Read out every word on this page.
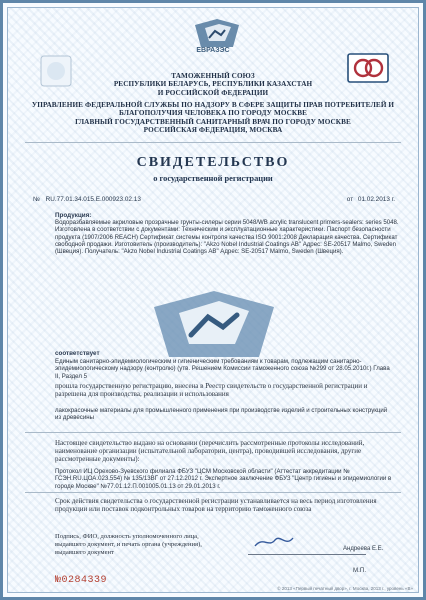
ЕВРАЗЭС
ТАМОЖЕННЫЙ СОЮЗ
РЕСПУБЛИКИ БЕЛАРУСЬ, РЕСПУБЛИКИ КАЗАХСТАН
И РОССИЙСКОЙ ФЕДЕРАЦИИ
УПРАВЛЕНИЕ ФЕДЕРАЛЬНОЙ СЛУЖБЫ ПО НАДЗОРУ В СФЕРЕ ЗАЩИТЫ ПРАВ ПОТРЕБИТЕЛЕЙ И
БЛАГОПОЛУЧИЯ ЧЕЛОВЕКА ПО ГОРОДУ МОСКВЕ
ГЛАВНЫЙ ГОСУДАРСТВЕННЫЙ САНИТАРНЫЙ ВРАЧ ПО ГОРОДУ МОСКВЕ
РОССИЙСКАЯ ФЕДЕРАЦИЯ, МОСКВА
СВИДЕТЕЛЬСТВО
о государственной регистрации
№ RU.77.01.34.015.Е.000923.02.13	от 01.02.2013 г.
Продукция:
Водоразбавляемые акриловые прозрачные грунты-силеры серии 5048/WB acrylic translucent primers-sealers: series 5048. Изготовлена в соответствии с документами: Техническим и эксплуатационные характеристики. Паспорт безопасности продукта (1907/2006 REACH) Сертификат системы контроля качества ISO 9001:2008 Декларация качества. Сертификат свободной продажи. Изготовитель (производитель): "Akzo Nobel Industrial Coatings AB" Адрес: SE-20517 Malmo, Sweden (Швеция). Получатель: "Akzo Nobel Industrial Coatings AB" Адрес: SE-20517 Malmo, Sweden (Швеция).
соответствует
Единым санитарно-эпидемиологическим и гигиеническим требованиям к товарам, подлежащим санитарно-эпидемиологическому надзору (контролю) (утв. Решением Комиссии таможенного союза №299 от 28.05.2010г.) Глава II, Раздел 5
прошла государственную регистрацию, внесена в Реестр свидетельств о государственной регистрации и разрешена для производства, реализации и использования
лакокрасочные материалы для промышленного применения при производстве изделий и строительных конструкций из древесины
Настоящее свидетельство выдано на основании (перечислить рассмотренные протоколы исследований, наименование организации (испытательной лаборатории, центра), проводившей исследования, другие рассмотренные документы):
Протокол ИЦ Орехово-Зуевского филиала ФБУЗ "ЦСМ Московской области" (Аттестат аккредитации № ГСЭН.RU.ЦОА.023.554) № 135/13ВГ от 27.12.2012 г. Экспертное заключение ФБУЗ "Центр гигиены и эпидемиологии в городе Москве" №77.01.12.П.001005.01.13 от 29.01.2013 г.
Срок действия свидетельства о государственной регистрации устанавливается на весь период изготовления продукции или поставок подконтрольных товаров на территорию таможенного союза
Подпись, ФИО, должность уполномоченного лица, выдавшего документ, и печать органа (учреждения), выдавшего документ	Андреева Е.Е.
№0284339
М.П.
© 2013 «Первый печатный двор», г. Москва, 2013 г., уровень «В»
